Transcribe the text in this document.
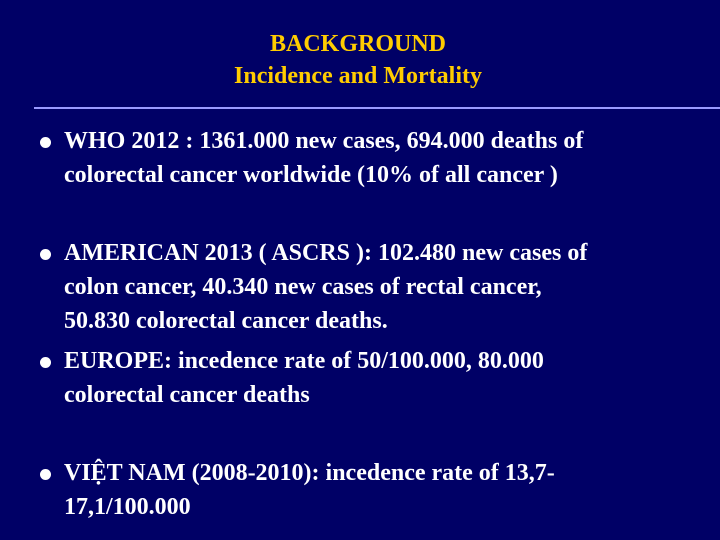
BACKGROUND
Incidence and Mortality
WHO 2012 : 1361.000 new cases, 694.000 deaths of
colorectal cancer worldwide (10% of all cancer )
AMERICAN 2013 ( ASCRS ): 102.480 new cases of
colon cancer, 40.340 new cases of rectal cancer,
50.830 colorectal cancer deaths.
EUROPE: incedence rate of 50/100.000, 80.000
colorectal cancer deaths
VIỆT NAM (2008-2010): incedence rate of 13,7-
17,1/100.000
